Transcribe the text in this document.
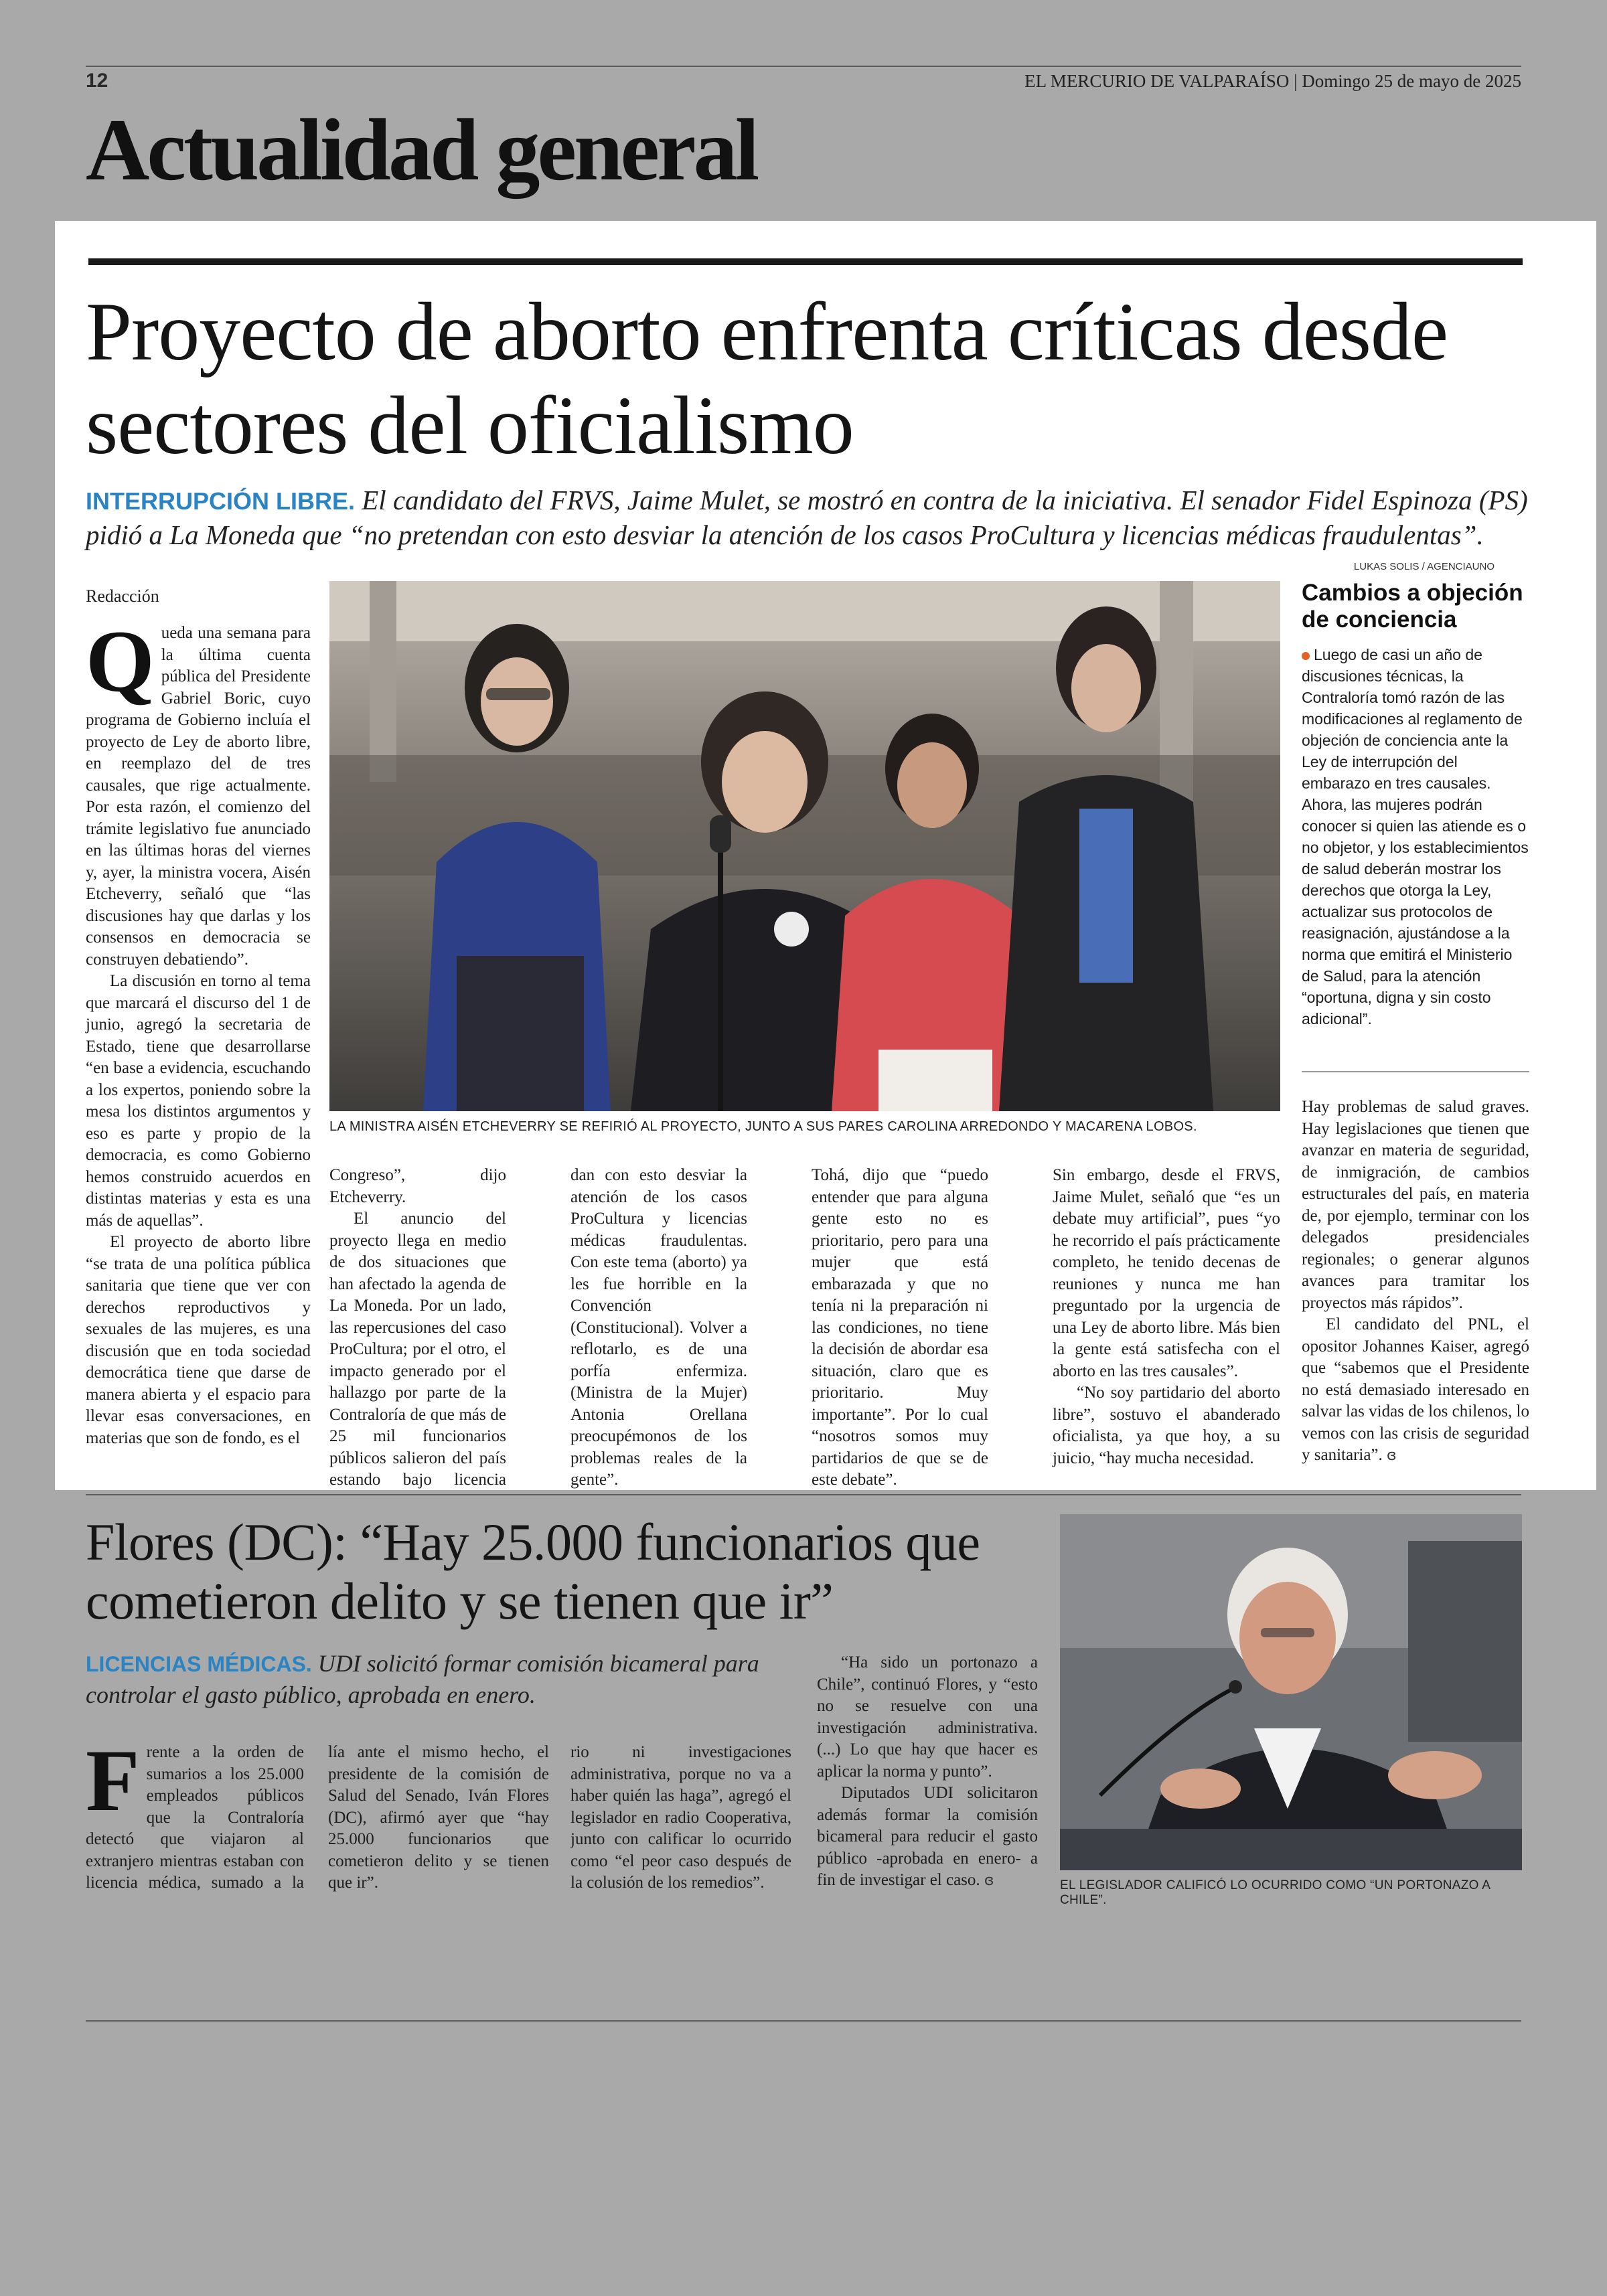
12	EL MERCURIO DE VALPARAÍSO | Domingo 25 de mayo de 2025
Actualidad general
Proyecto de aborto enfrenta críticas desde sectores del oficialismo
INTERRUPCIÓN LIBRE. El candidato del FRVS, Jaime Mulet, se mostró en contra de la iniciativa. El senador Fidel Espinoza (PS) pidió a La Moneda que “no pretendan con esto desviar la atención de los casos ProCultura y licencias médicas fraudulentas”.
LUKAS SOLIS / AGENCIAUNO
Redacción

Queda una semana para la última cuenta pública del Presidente Gabriel Boric, cuyo programa de Gobierno incluía el proyecto de Ley de aborto libre, en reemplazo del de tres causales, que rige actualmente. Por esta razón, el comienzo del trámite legislativo fue anunciado en las últimas horas del viernes y, ayer, la ministra vocera, Aisén Etcheverry, señaló que “las discusiones hay que darlas y los consensos en democracia se construyen debatiendo”.

La discusión en torno al tema que marcará el discurso del 1 de junio, agregó la secretaria de Estado, tiene que desarrollarse “en base a evidencia, escuchando a los expertos, poniendo sobre la mesa los distintos argumentos y eso es parte y propio de la democracia, es como Gobierno hemos construido acuerdos en distintas materias y esta es una más de aquellas”.

El proyecto de aborto libre “se trata de una política pública sanitaria que tiene que ver con derechos reproductivos y sexuales de las mujeres, es una discusión que en toda sociedad democrática tiene que darse de manera abierta y el espacio para llevar esas conversaciones, en materias que son de fondo, es el

LA MINISTRA AISÉN ETCHEVERRY SE REFIRIÓ AL PROYECTO, JUNTO A SUS PARES CAROLINA ARREDONDO Y MACARENA LOBOS.
Cambios a objeción de conciencia
Luego de casi un año de discusiones técnicas, la Contraloría tomó razón de las modificaciones al reglamento de objeción de conciencia ante la Ley de interrupción del embarazo en tres causales. Ahora, las mujeres podrán conocer si quien las atiende es o no objetor, y los establecimientos de salud deberán mostrar los derechos que otorga la Ley, actualizar sus protocolos de reasignación, ajustándose a la norma que emitirá el Ministerio de Salud, para la atención “oportuna, digna y sin costo adicional”.

Congreso”, dijo Etcheverry.

El anuncio del proyecto llega en medio de dos situaciones que han afectado la agenda de La Moneda. Por un lado, las repercusiones del caso ProCultura; por el otro, el impacto generado por el hallazgo por parte de la Contraloría de que más de 25 mil funcionarios públicos salieron del país estando bajo licencia

dan con esto desviar la atención de los casos ProCultura y licencias médicas fraudulentas. Con este tema (aborto) ya les fue horrible en la Convención (Constitucional). Volver a reflotarlo, es de una porfía enfermiza. (Ministra de la Mujer) Antonia Orellana preocupémonos de los problemas reales de la gente”.

Tohá, dijo que “puedo entender que para alguna gente esto no es prioritario, pero para una mujer que está embarazada y que no tenía ni la preparación ni las condiciones, no tiene la decisión de abordar esa situación, claro que es prioritario. Muy importante”. Por lo cual “nosotros somos muy partidarios de que se de este debate”.

Sin embargo, desde el FRVS, Jaime Mulet, señaló que “es un debate muy artificial”, pues “yo he recorrido el país prácticamente completo, he tenido decenas de reuniones y nunca me han preguntado por la urgencia de una Ley de aborto libre. Más bien la gente está satisfecha con el aborto en las tres causales”.

“No soy partidario del aborto libre”, sostuvo el abanderado oficialista, ya que hoy, a su juicio, “hay mucha necesidad.

Hay problemas de salud graves. Hay legislaciones que tienen que avanzar en materia de seguridad, de inmigración, de cambios estructurales del país, en materia de, por ejemplo, terminar con los delegados presidenciales regionales; o generar algunos avances para tramitar los proyectos más rápidos”.

El candidato del PNL, el opositor Johannes Kaiser, agregó que “sabemos que el Presidente no está demasiado interesado en salvar las vidas de los chilenos, lo vemos con las crisis de seguridad y sanitaria”. ɞ

Flores (DC): “Hay 25.000 funcionarios que cometieron delito y se tienen que ir”
LICENCIAS MÉDICAS. UDI solicitó formar comisión bicameral para controlar el gasto público, aprobada en enero.

Frente a la orden de sumarios a los 25.000 empleados públicos que la Contraloría detectó que viajaron al extranjero mientras estaban con licencia médica, sumado a la

lía ante el mismo hecho, el presidente de la comisión de Salud del Senado, Iván Flores (DC), afirmó ayer que “hay 25.000 funcionarios que cometieron delito y se tienen que ir”.

rio ni investigaciones administrativa, porque no va a haber quién las haga”, agregó el legislador en radio Cooperativa, junto con calificar lo ocurrido como “el peor caso después de la colusión de los remedios”.

“Ha sido un portonazo a Chile”, continuó Flores, y “esto no se resuelve con una investigación administrativa. (...) Lo que hay que hacer es aplicar la norma y punto”.

Diputados UDI solicitaron además formar la comisión bicameral para reducir el gasto público -aprobada en enero- a fin de investigar el caso. ɞ	EL LEGISLADOR CALIFICÓ LO OCURRIDO COMO “UN PORTONAZO A CHILE”.
